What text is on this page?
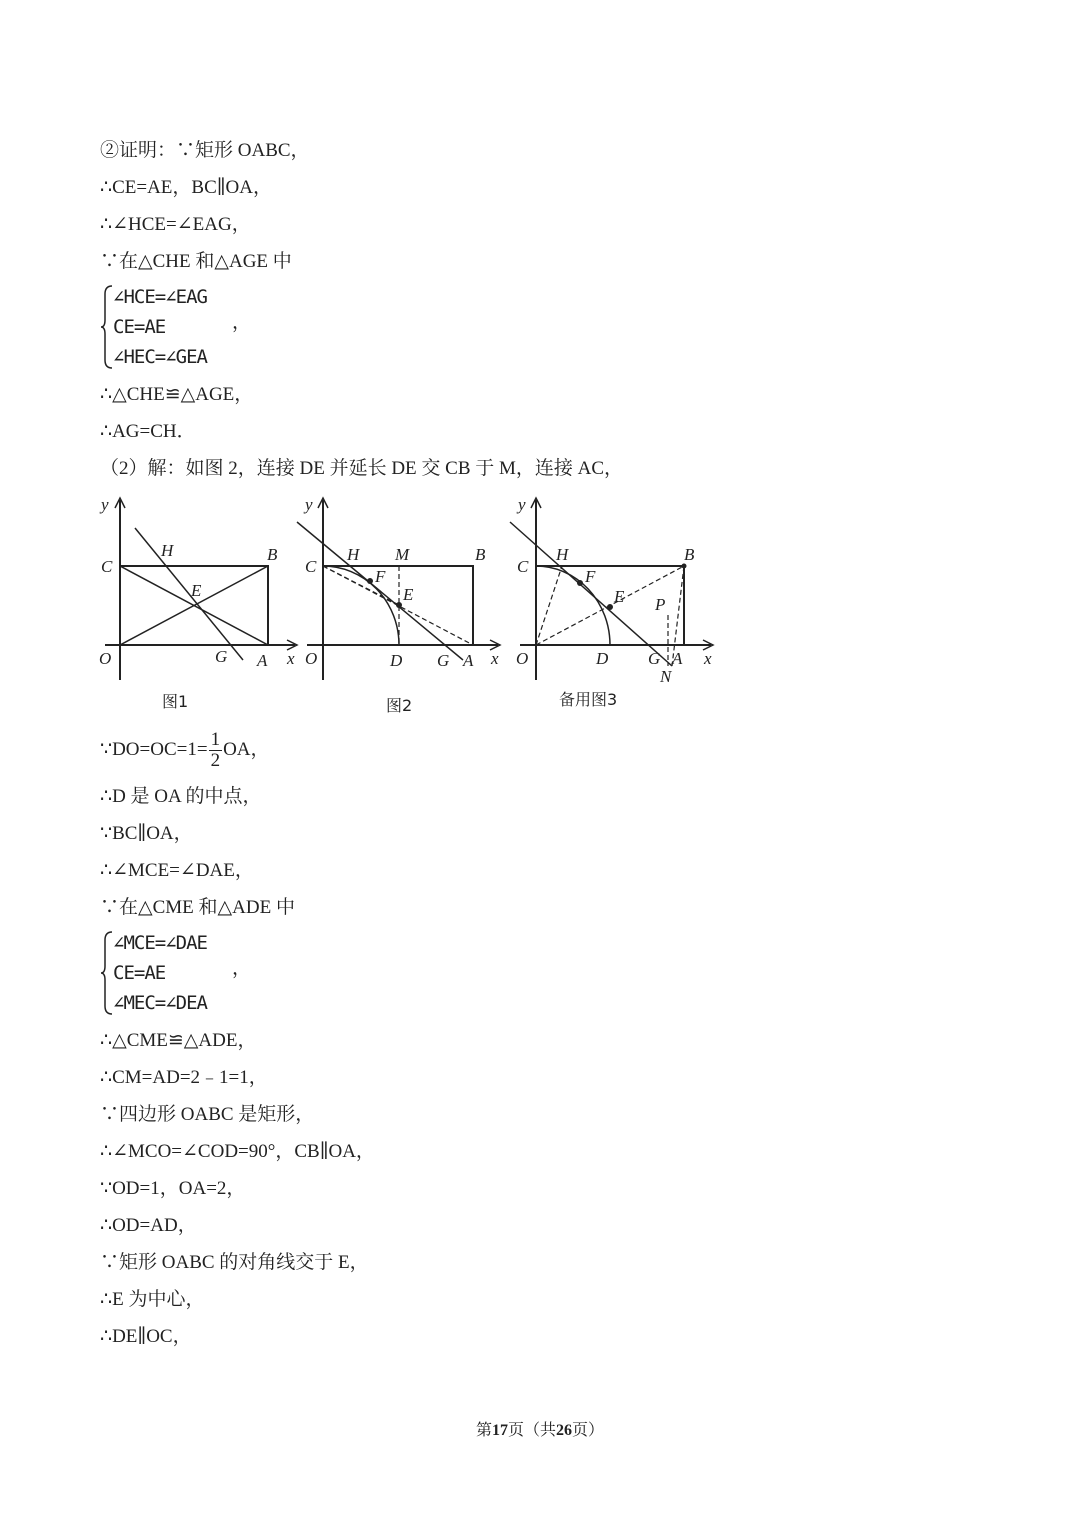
②证明：∵矩形 OABC，
∴CE=AE，BC∥OA，
∴∠HCE=∠EAG，
∵在△CHE 和△AGE 中
∠HCE=∠EAG
CE=AE
∠HEC=∠GEA
，
∴△CHE≌△AGE，
∴AG=CH．
（2）解：如图 2，连接 DE 并延长 DE 交 CB 于 M，连接 AC，
y
x
O
C
B
A
H
E
G
图1
y
x
O
C
B
A
H M
F
E
D G
图2
y
x
O
C
B
A
H
F
E P
D G
N
备用图3
∵DO=OC=1= $\frac{1}{2}$ OA，
∴D 是 OA 的中点，
∵BC∥OA，
∴∠MCE=∠DAE，
∵在△CME 和△ADE 中
∠MCE=∠DAE
CE=AE
∠MEC=∠DEA
，
∴△CME≌△ADE，
∴CM=AD=2﹣1=1，
∵四边形 OABC 是矩形，
∴∠MCO=∠COD=90°，CB∥OA，
∵OD=1，OA=2，
∴OD=AD，
∵矩形 OABC 的对角线交于 E，
∴E 为中心，
∴DE∥OC，
第17页（共26页）
